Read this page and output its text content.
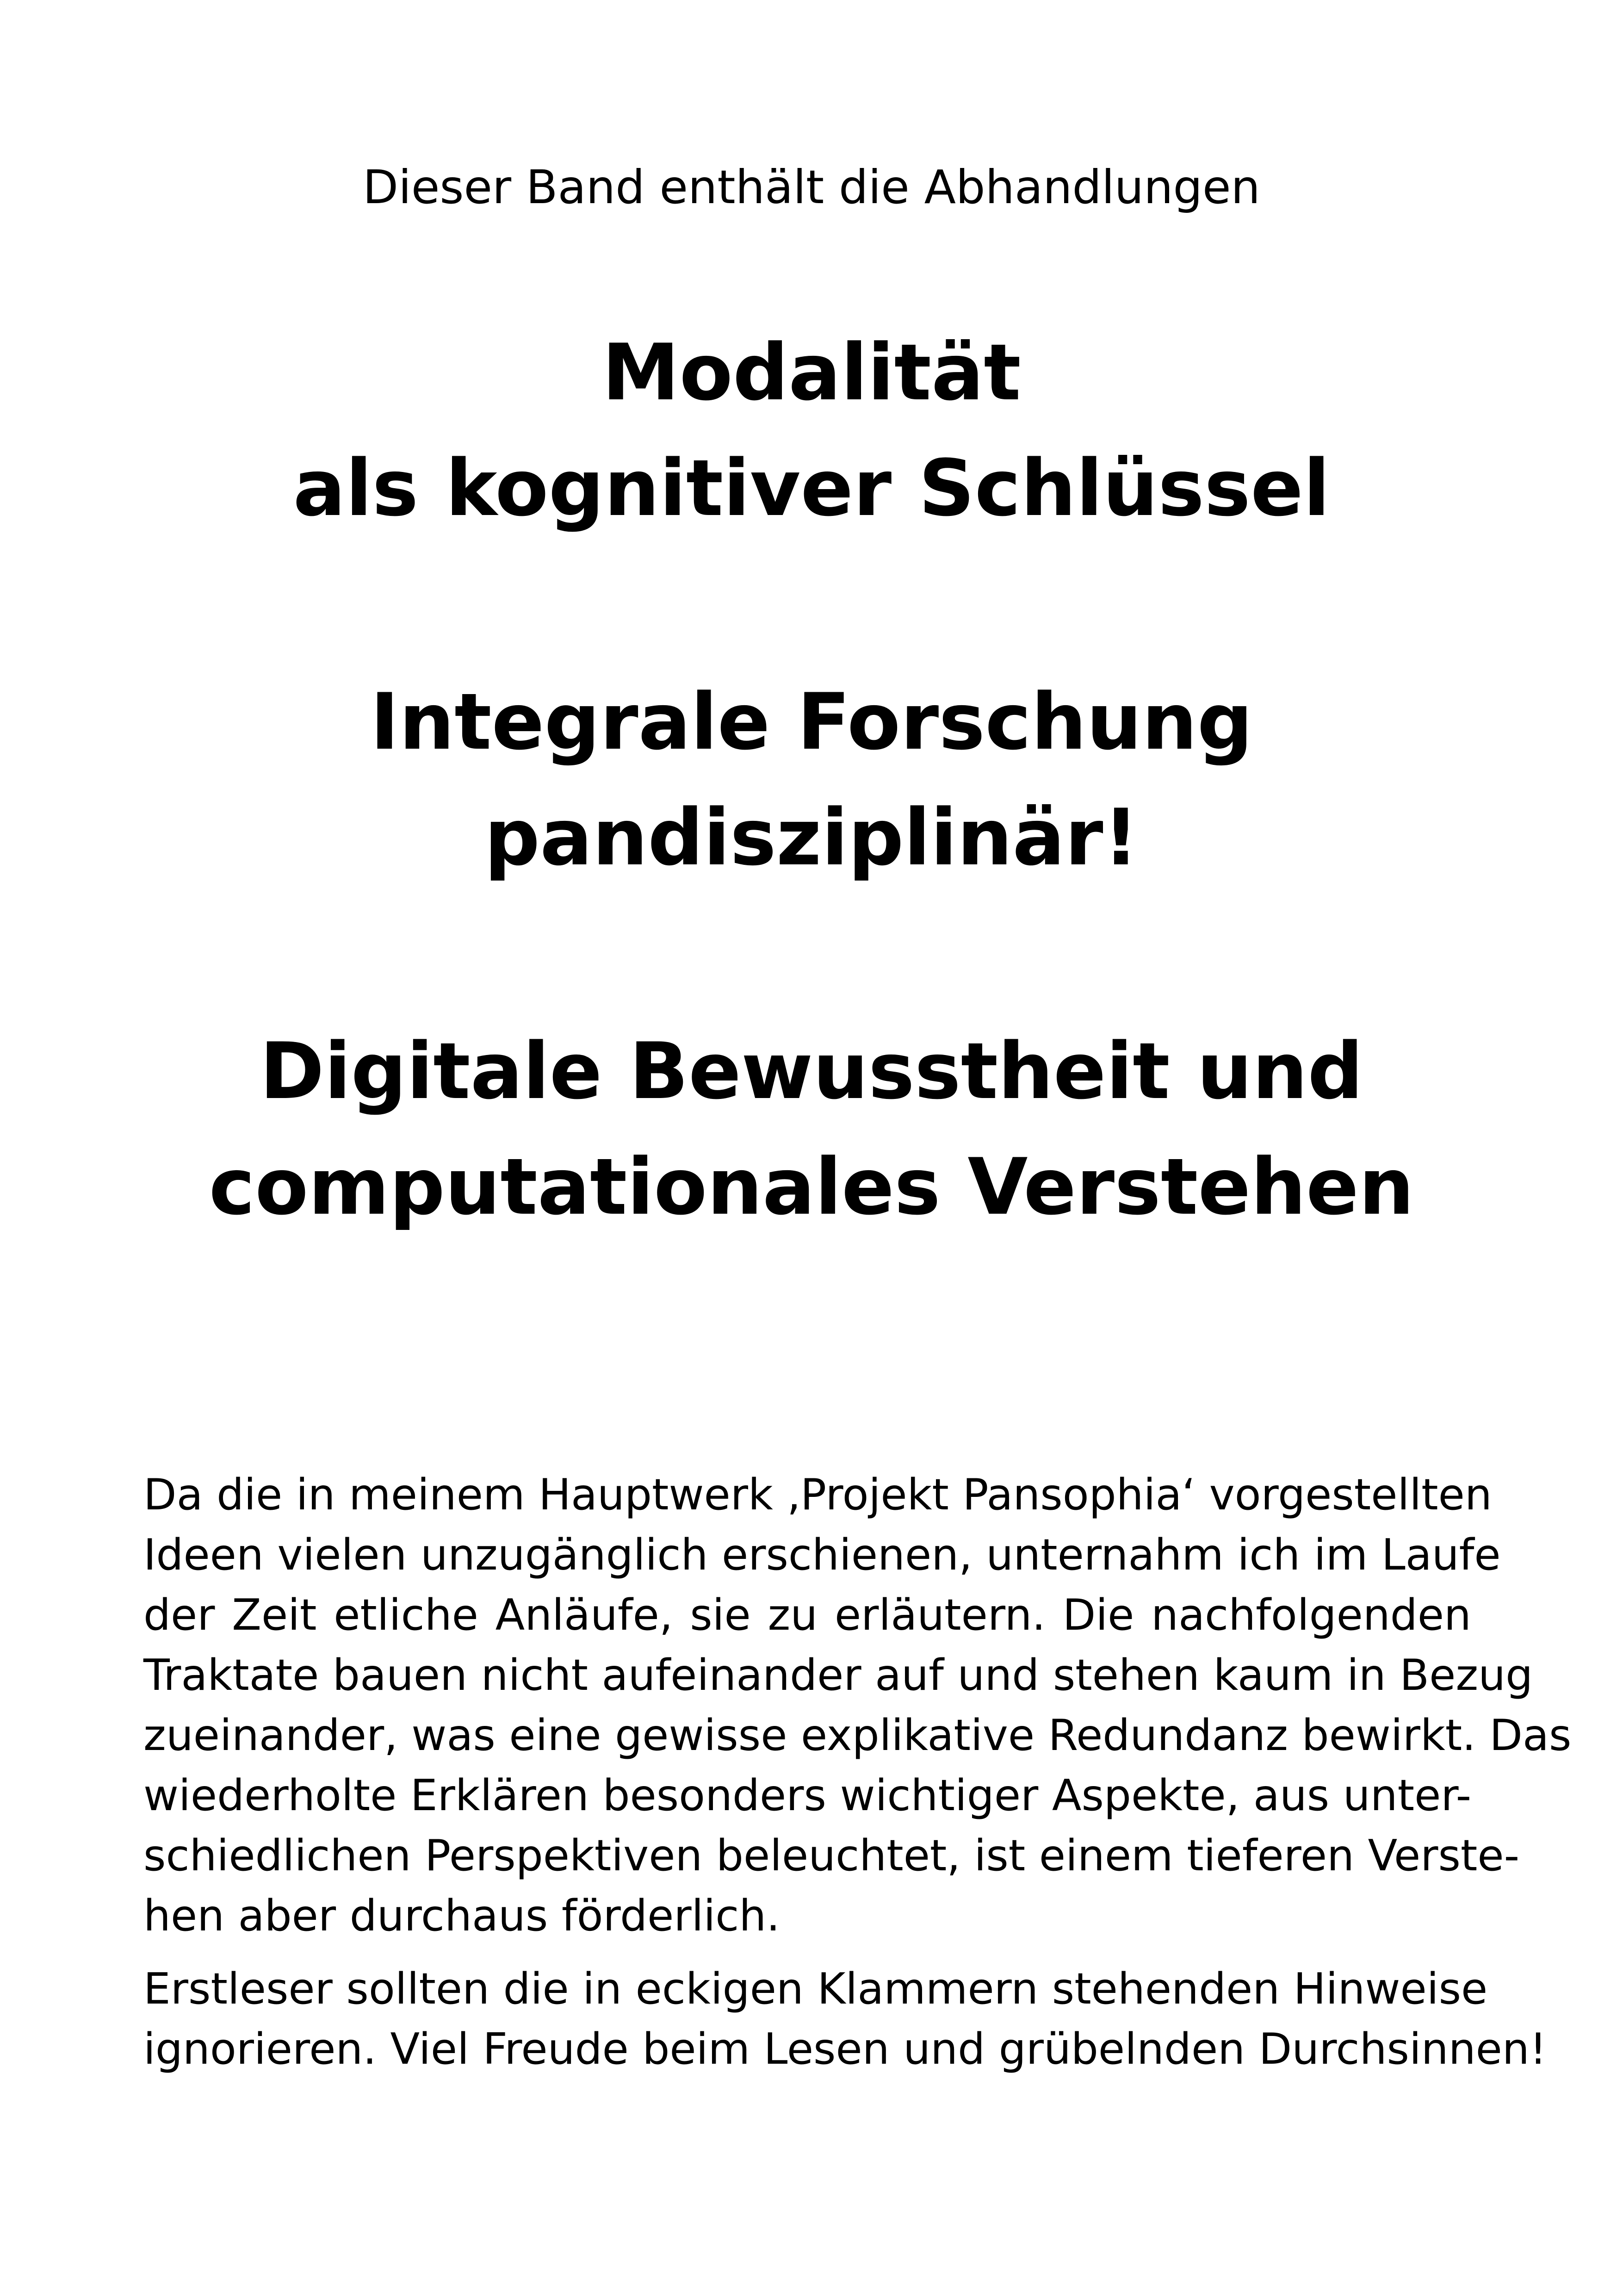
Dieser Band enthält die Abhandlungen
Modalität
als kognitiver Schlüssel
Integrale Forschung
pandisziplinär!
Digitale Bewusstheit und
computationales Verstehen
Da die in meinem Hauptwerk ‚Projekt Pansophia‘ vorgestellten
Ideen vielen unzugänglich erschienen, unternahm ich im Laufe
der Zeit etliche Anläufe, sie zu erläutern. Die nachfolgenden
Traktate bauen nicht aufeinander auf und stehen kaum in Bezug
zueinander, was eine gewisse explikative Redundanz bewirkt. Das
wiederholte Erklären besonders wichtiger Aspekte, aus unter-
schiedlichen Perspektiven beleuchtet, ist einem tieferen Verste-
hen aber durchaus förderlich.
Erstleser sollten die in eckigen Klammern stehenden Hinweise
ignorieren. Viel Freude beim Lesen und grübelnden Durchsinnen!
